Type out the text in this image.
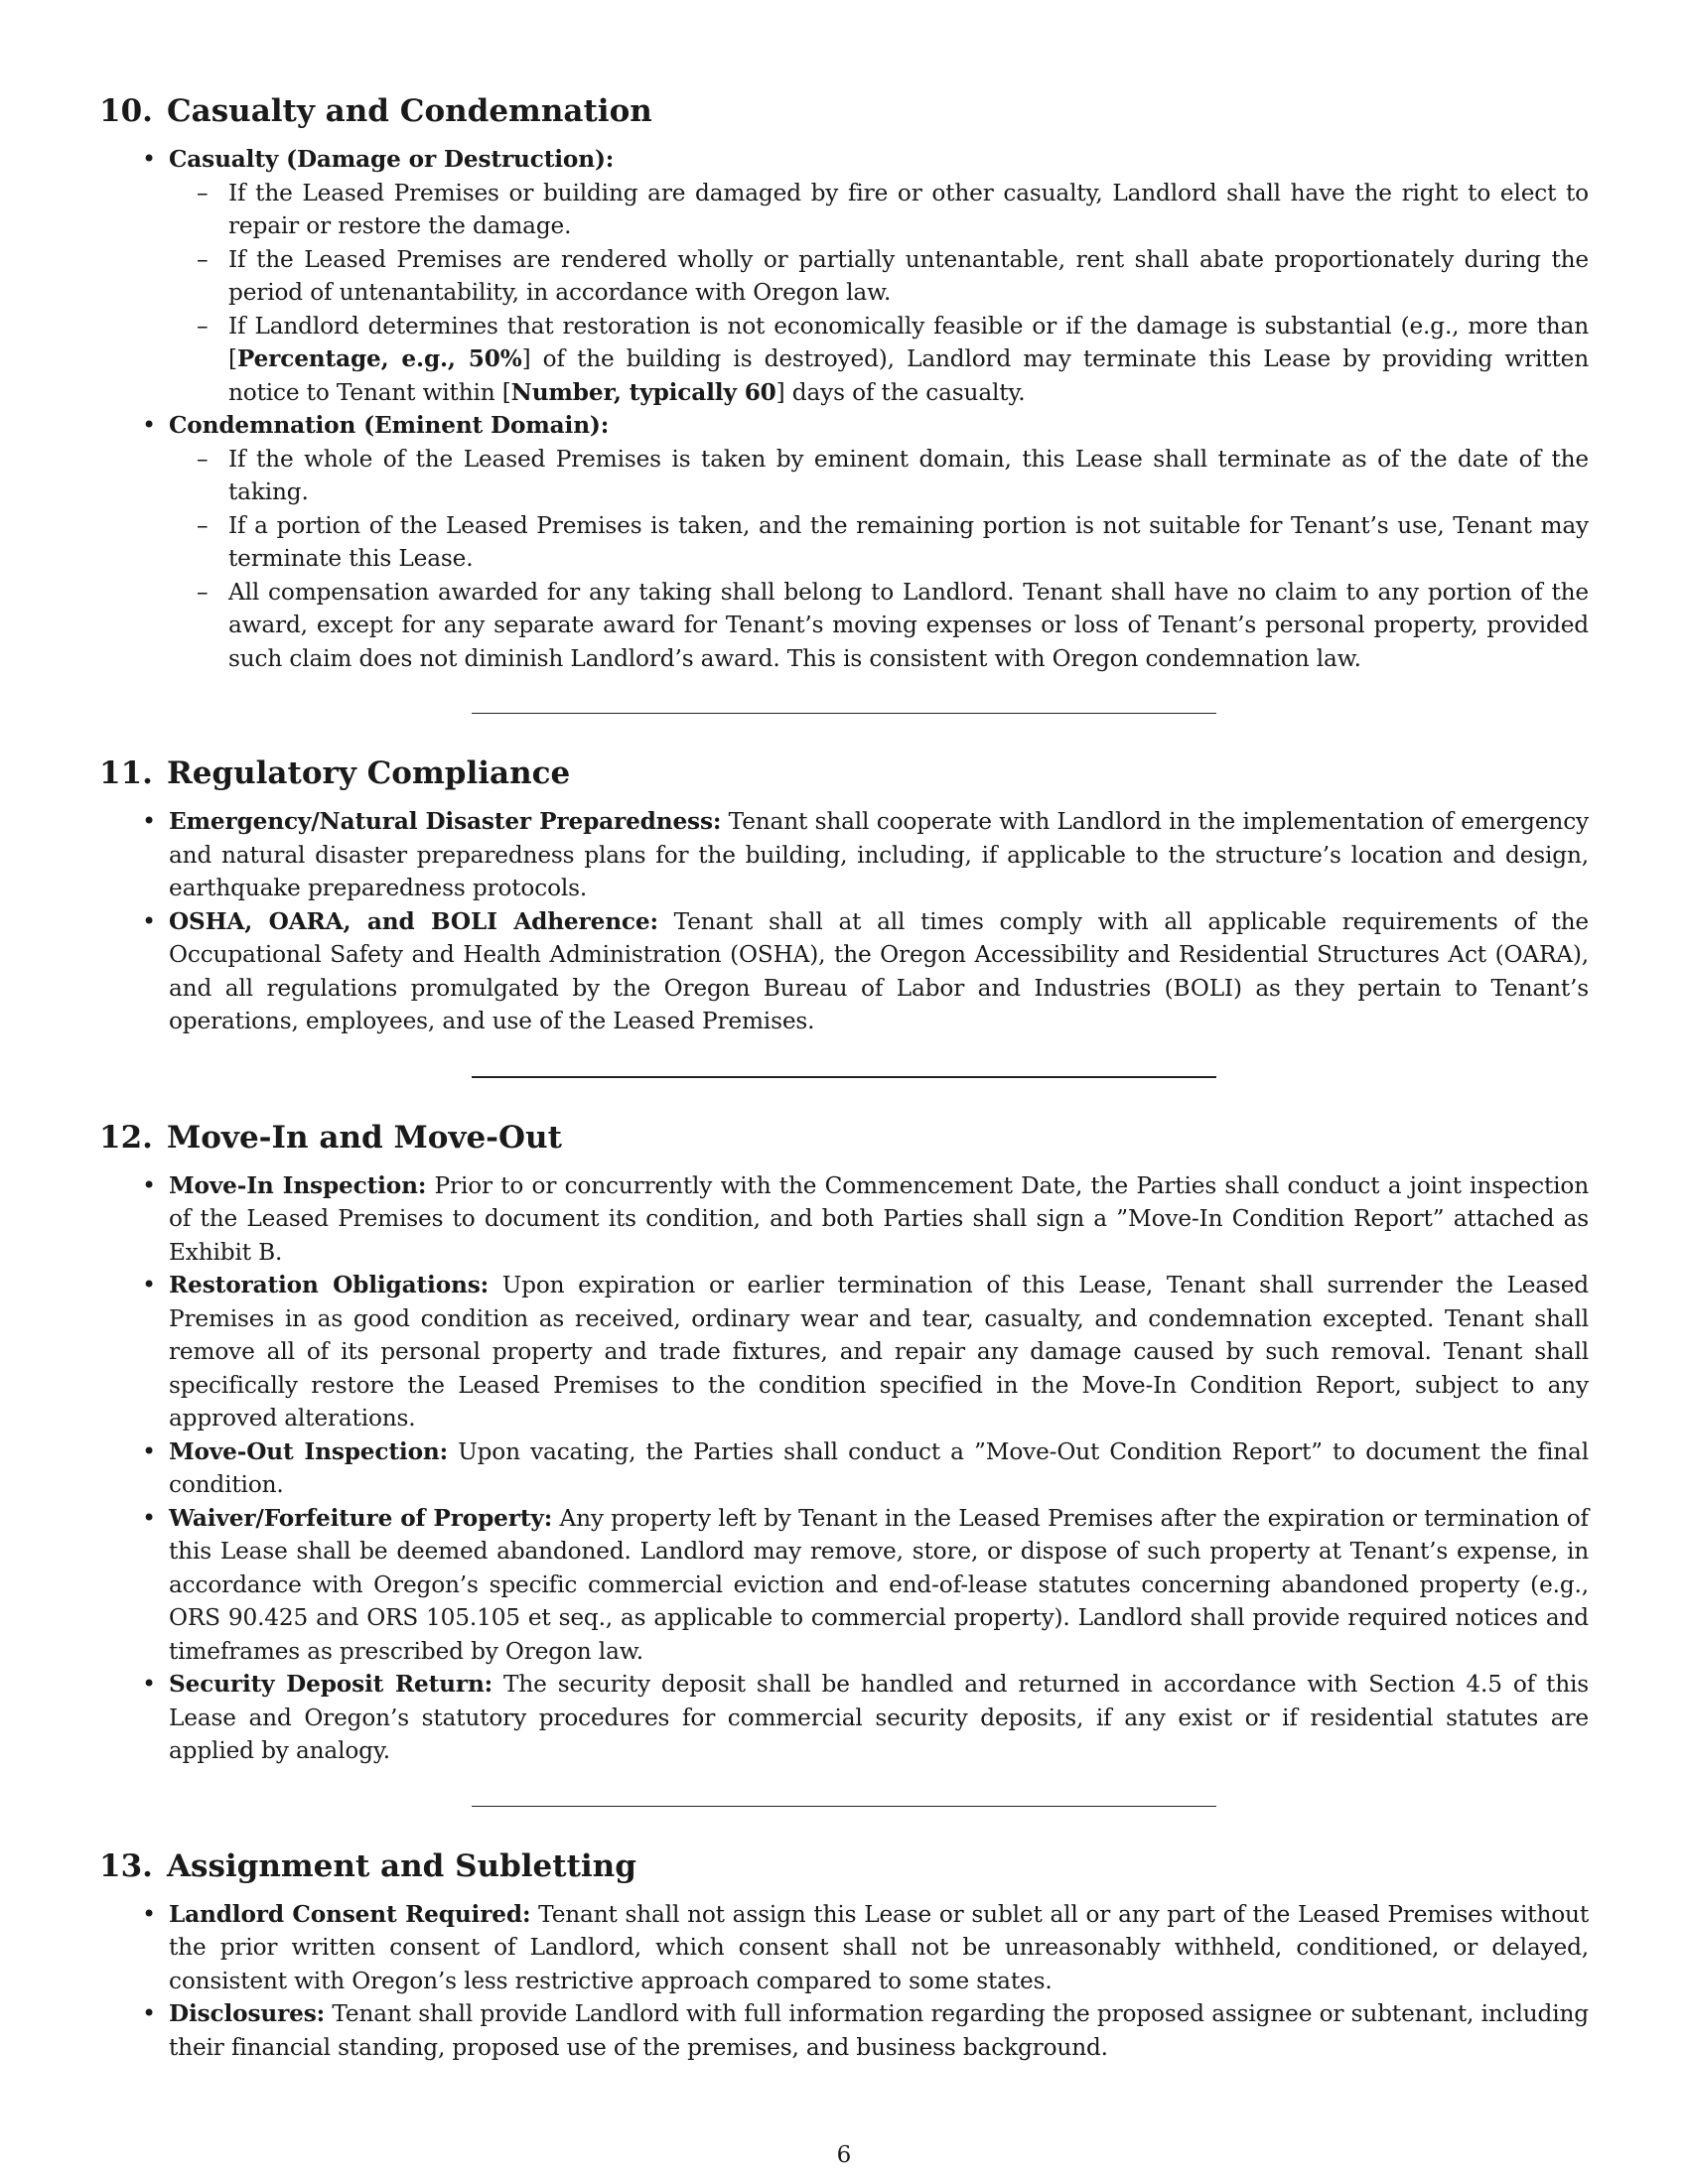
10. Casualty and Condemnation
• Casualty (Damage or Destruction):
– If the Leased Premises or building are damaged by fire or other casualty, Landlord shall have the right to elect to repair or restore the damage.
– If the Leased Premises are rendered wholly or partially untenantable, rent shall abate proportionately during the period of untenantability, in accordance with Oregon law.
– If Landlord determines that restoration is not economically feasible or if the damage is substantial (e.g., more than [Percentage, e.g., 50%] of the building is destroyed), Landlord may terminate this Lease by providing written notice to Tenant within [Number, typically 60] days of the casualty.
• Condemnation (Eminent Domain):
– If the whole of the Leased Premises is taken by eminent domain, this Lease shall terminate as of the date of the taking.
– If a portion of the Leased Premises is taken, and the remaining portion is not suitable for Tenant’s use, Tenant may terminate this Lease.
– All compensation awarded for any taking shall belong to Landlord. Tenant shall have no claim to any portion of the award, except for any separate award for Tenant’s moving expenses or loss of Tenant’s personal property, provided such claim does not diminish Landlord’s award. This is consistent with Oregon condemnation law.
11. Regulatory Compliance
• Emergency/Natural Disaster Preparedness: Tenant shall cooperate with Landlord in the implementation of emergency and natural disaster preparedness plans for the building, including, if applicable to the structure’s location and design, earthquake preparedness protocols.
• OSHA, OARA, and BOLI Adherence: Tenant shall at all times comply with all applicable requirements of the Occupational Safety and Health Administration (OSHA), the Oregon Accessibility and Residential Structures Act (OARA), and all regulations promulgated by the Oregon Bureau of Labor and Industries (BOLI) as they pertain to Tenant’s operations, employees, and use of the Leased Premises.
12. Move-In and Move-Out
• Move-In Inspection: Prior to or concurrently with the Commencement Date, the Parties shall conduct a joint inspection of the Leased Premises to document its condition, and both Parties shall sign a ”Move-In Condition Report” attached as Exhibit B.
• Restoration Obligations: Upon expiration or earlier termination of this Lease, Tenant shall surrender the Leased Premises in as good condition as received, ordinary wear and tear, casualty, and condemnation excepted. Tenant shall remove all of its personal property and trade fixtures, and repair any damage caused by such removal. Tenant shall specifically restore the Leased Premises to the condition specified in the Move-In Condition Report, subject to any approved alterations.
• Move-Out Inspection: Upon vacating, the Parties shall conduct a ”Move-Out Condition Report” to document the final condition.
• Waiver/Forfeiture of Property: Any property left by Tenant in the Leased Premises after the expiration or termination of this Lease shall be deemed abandoned. Landlord may remove, store, or dispose of such property at Tenant’s expense, in accordance with Oregon’s specific commercial eviction and end-of-lease statutes concerning abandoned property (e.g., ORS 90.425 and ORS 105.105 et seq., as applicable to commercial property). Landlord shall provide required notices and timeframes as prescribed by Oregon law.
• Security Deposit Return: The security deposit shall be handled and returned in accordance with Section 4.5 of this Lease and Oregon’s statutory procedures for commercial security deposits, if any exist or if residential statutes are applied by analogy.
13. Assignment and Subletting
• Landlord Consent Required: Tenant shall not assign this Lease or sublet all or any part of the Leased Premises without the prior written consent of Landlord, which consent shall not be unreasonably withheld, conditioned, or delayed, consistent with Oregon’s less restrictive approach compared to some states.
• Disclosures: Tenant shall provide Landlord with full information regarding the proposed assignee or subtenant, including their financial standing, proposed use of the premises, and business background.
6
